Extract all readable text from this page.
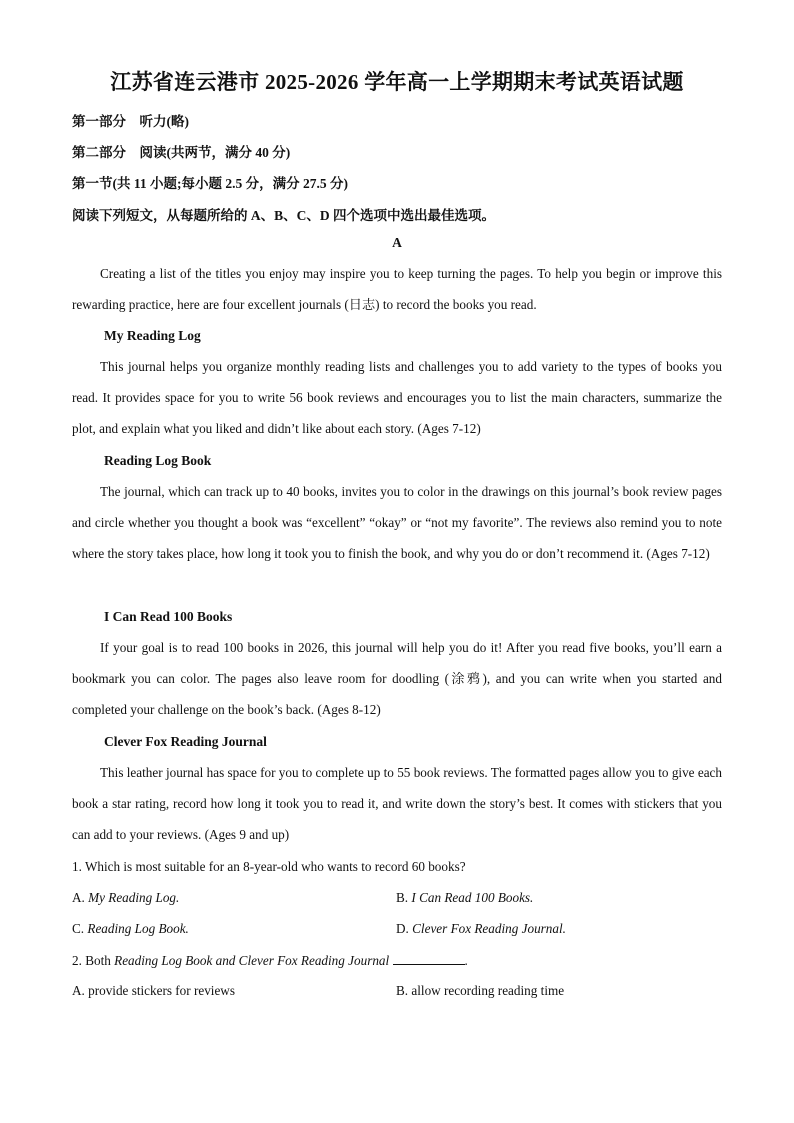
江苏省连云港市 2025-2026 学年高一上学期期末考试英语试题
第一部分　听力(略)
第二部分　阅读(共两节，满分 40 分)
第一节(共 11 小题;每小题 2.5 分，满分 27.5 分)
阅读下列短文，从每题所给的 A、B、C、D 四个选项中选出最佳选项。
A
Creating a list of the titles you enjoy may inspire you to keep turning the pages. To help you begin or improve this rewarding practice, here are four excellent journals (日志) to record the books you read.
My Reading Log
This journal helps you organize monthly reading lists and challenges you to add variety to the types of books you read. It provides space for you to write 56 book reviews and encourages you to list the main characters, summarize the plot, and explain what you liked and didn’t like about each story. (Ages 7-12)
Reading Log Book
The journal, which can track up to 40 books, invites you to color in the drawings on this journal’s book review pages and circle whether you thought a book was “excellent” “okay” or “not my favorite”. The reviews also remind you to note where the story takes place, how long it took you to finish the book, and why you do or don’t recommend it. (Ages 7-12)
I Can Read 100 Books
If your goal is to read 100 books in 2026, this journal will help you do it! After you read five books, you’ll earn a bookmark you can color. The pages also leave room for doodling (涂鸦), and you can write when you started and completed your challenge on the book’s back. (Ages 8-12)
Clever Fox Reading Journal
This leather journal has space for you to complete up to 55 book reviews. The formatted pages allow you to give each book a star rating, record how long it took you to read it, and write down the story’s best. It comes with stickers that you can add to your reviews. (Ages 9 and up)
1. Which is most suitable for an 8-year-old who wants to record 60 books?
A. My Reading Log.	B. I Can Read 100 Books.
C. Reading Log Book.	D. Clever Fox Reading Journal.
2. Both Reading Log Book and Clever Fox Reading Journal	.
A. provide stickers for reviews	B. allow recording reading time
